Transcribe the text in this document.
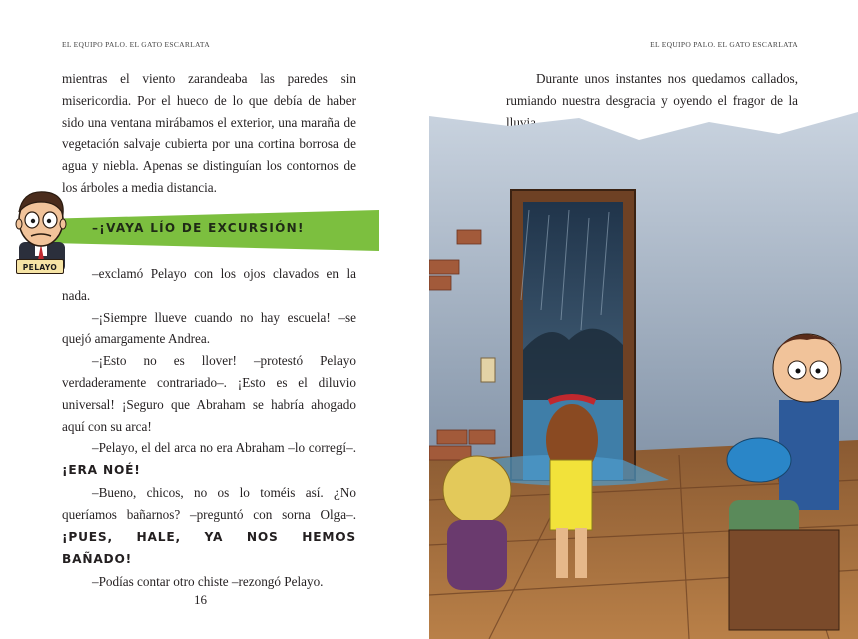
EL EQUIPO PALO. EL GATO ESCARLATA

mientras el viento zarandeaba las paredes sin misericordia. Por el hueco de lo que debía de haber sido una ventana mirábamos el exterior, una maraña de vegetación salvaje cubierta por una cortina borrosa de agua y niebla. Apenas se distinguían los contornos de los árboles a media distancia.

–¡VAYA LÍO DE EXCURSIÓN!
PELAYO	–exclamó Pelayo con los ojos clavados en la nada.

–¡Siempre llueve cuando no hay escuela! –se quejó amargamente Andrea.

–¡Esto no es llover! –protestó Pelayo verdaderamente contrariado–. ¡Esto es el diluvio universal! ¡Seguro que Abraham se habría ahogado aquí con su arca!

–Pelayo, el del arca no era Abraham –lo corregí–. ¡ERA NOÉ!

–Bueno, chicos, no os lo toméis así. ¿No queríamos bañarnos? –preguntó con sorna Olga–. ¡PUES, HALE, YA NOS HEMOS BAÑADO!

–Podías contar otro chiste –rezongó Pelayo.

16
EL EQUIPO PALO. EL GATO ESCARLATA

Durante unos instantes nos quedamos callados, rumiando nuestra desgracia y oyendo el fragor de la lluvia.
